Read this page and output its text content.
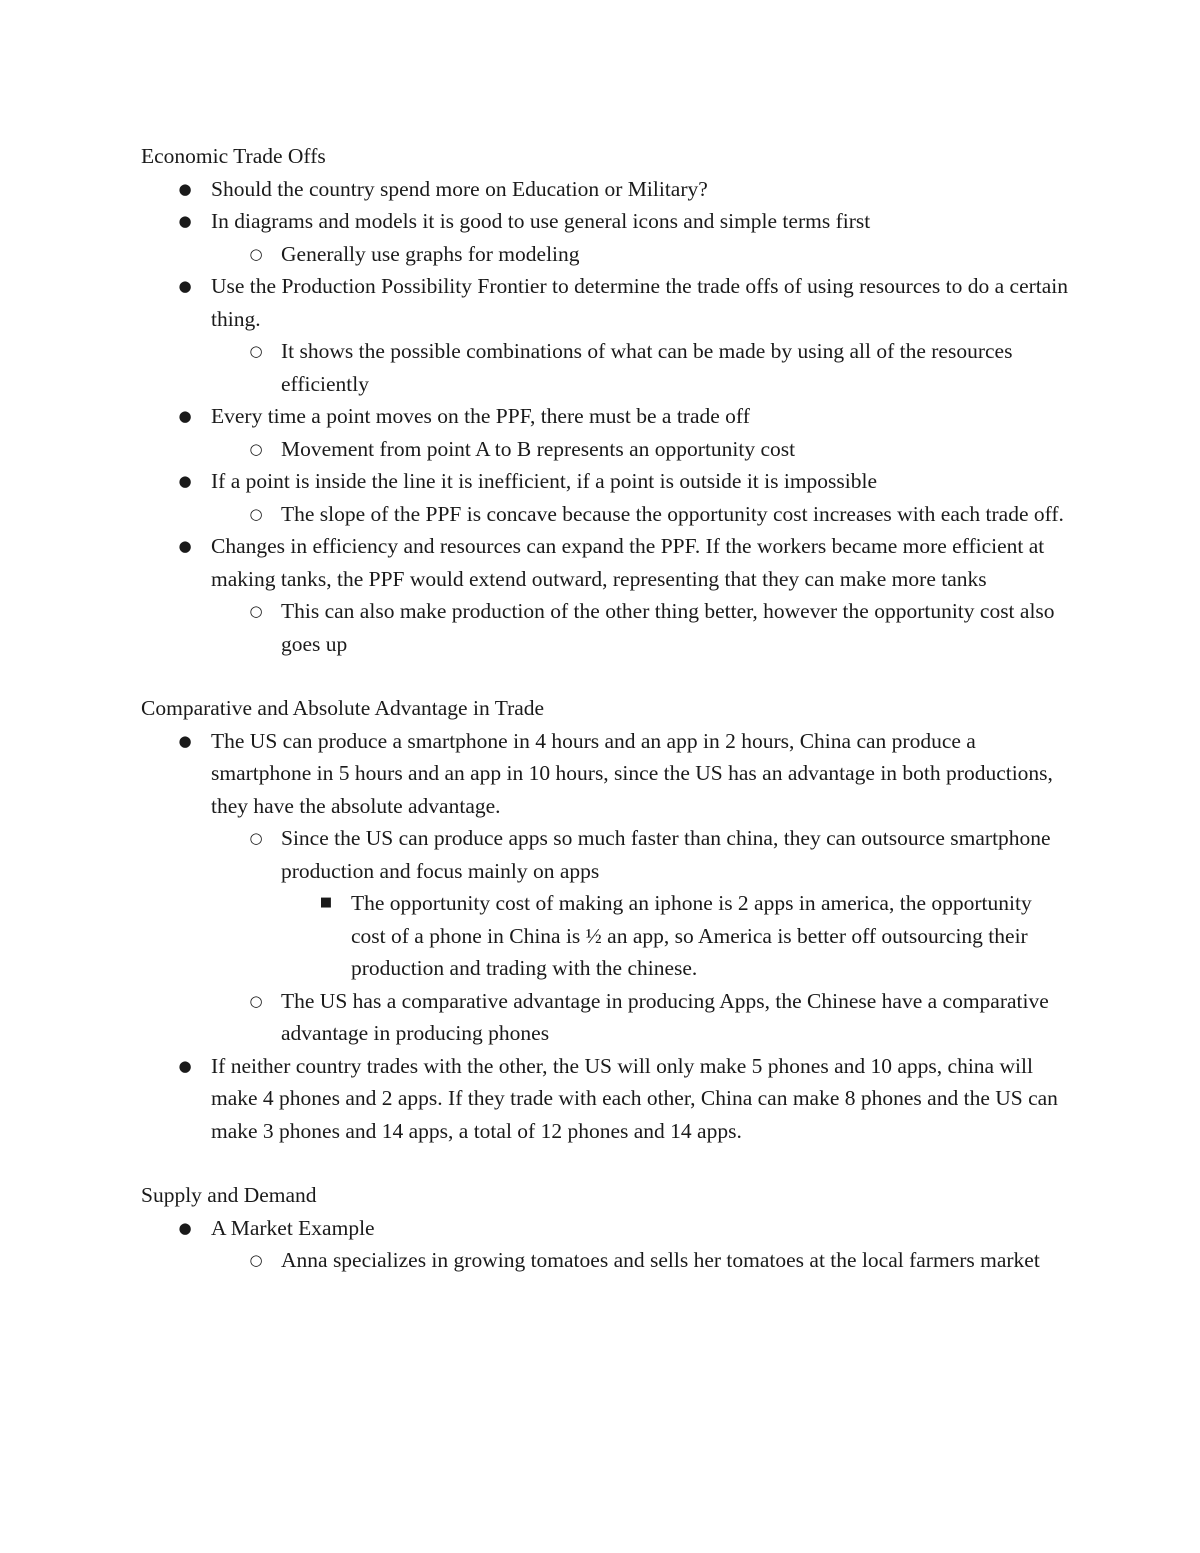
Economic Trade Offs

● Should the country spend more on Education or Military?
● In diagrams and models it is good to use general icons and simple terms first
○ Generally use graphs for modeling
● Use the Production Possibility Frontier to determine the trade offs of using resources to do a certain thing.
○ It shows the possible combinations of what can be made by using all of the resources efficiently
● Every time a point moves on the PPF, there must be a trade off
○ Movement from point A to B represents an opportunity cost
● If a point is inside the line it is inefficient, if a point is outside it is impossible
○ The slope of the PPF is concave because the opportunity cost increases with each trade off.
● Changes in efficiency and resources can expand the PPF. If the workers became more efficient at making tanks, the PPF would extend outward, representing that they can make more tanks
○ This can also make production of the other thing better, however the opportunity cost also goes up

Comparative and Absolute Advantage in Trade

● The US can produce a smartphone in 4 hours and an app in 2 hours, China can produce a smartphone in 5 hours and an app in 10 hours, since the US has an advantage in both productions, they have the absolute advantage.
○ Since the US can produce apps so much faster than china, they can outsource smartphone production and focus mainly on apps
■ The opportunity cost of making an iphone is 2 apps in america, the opportunity cost of a phone in China is ½ an app, so America is better off outsourcing their production and trading with the chinese.
○ The US has a comparative advantage in producing Apps, the Chinese have a comparative advantage in producing phones
● If neither country trades with the other, the US will only make 5 phones and 10 apps, china will make 4 phones and 2 apps. If they trade with each other, China can make 8 phones and the US can make 3 phones and 14 apps, a total of 12 phones and 14 apps.

Supply and Demand

● A Market Example
○ Anna specializes in growing tomatoes and sells her tomatoes at the local farmers market
